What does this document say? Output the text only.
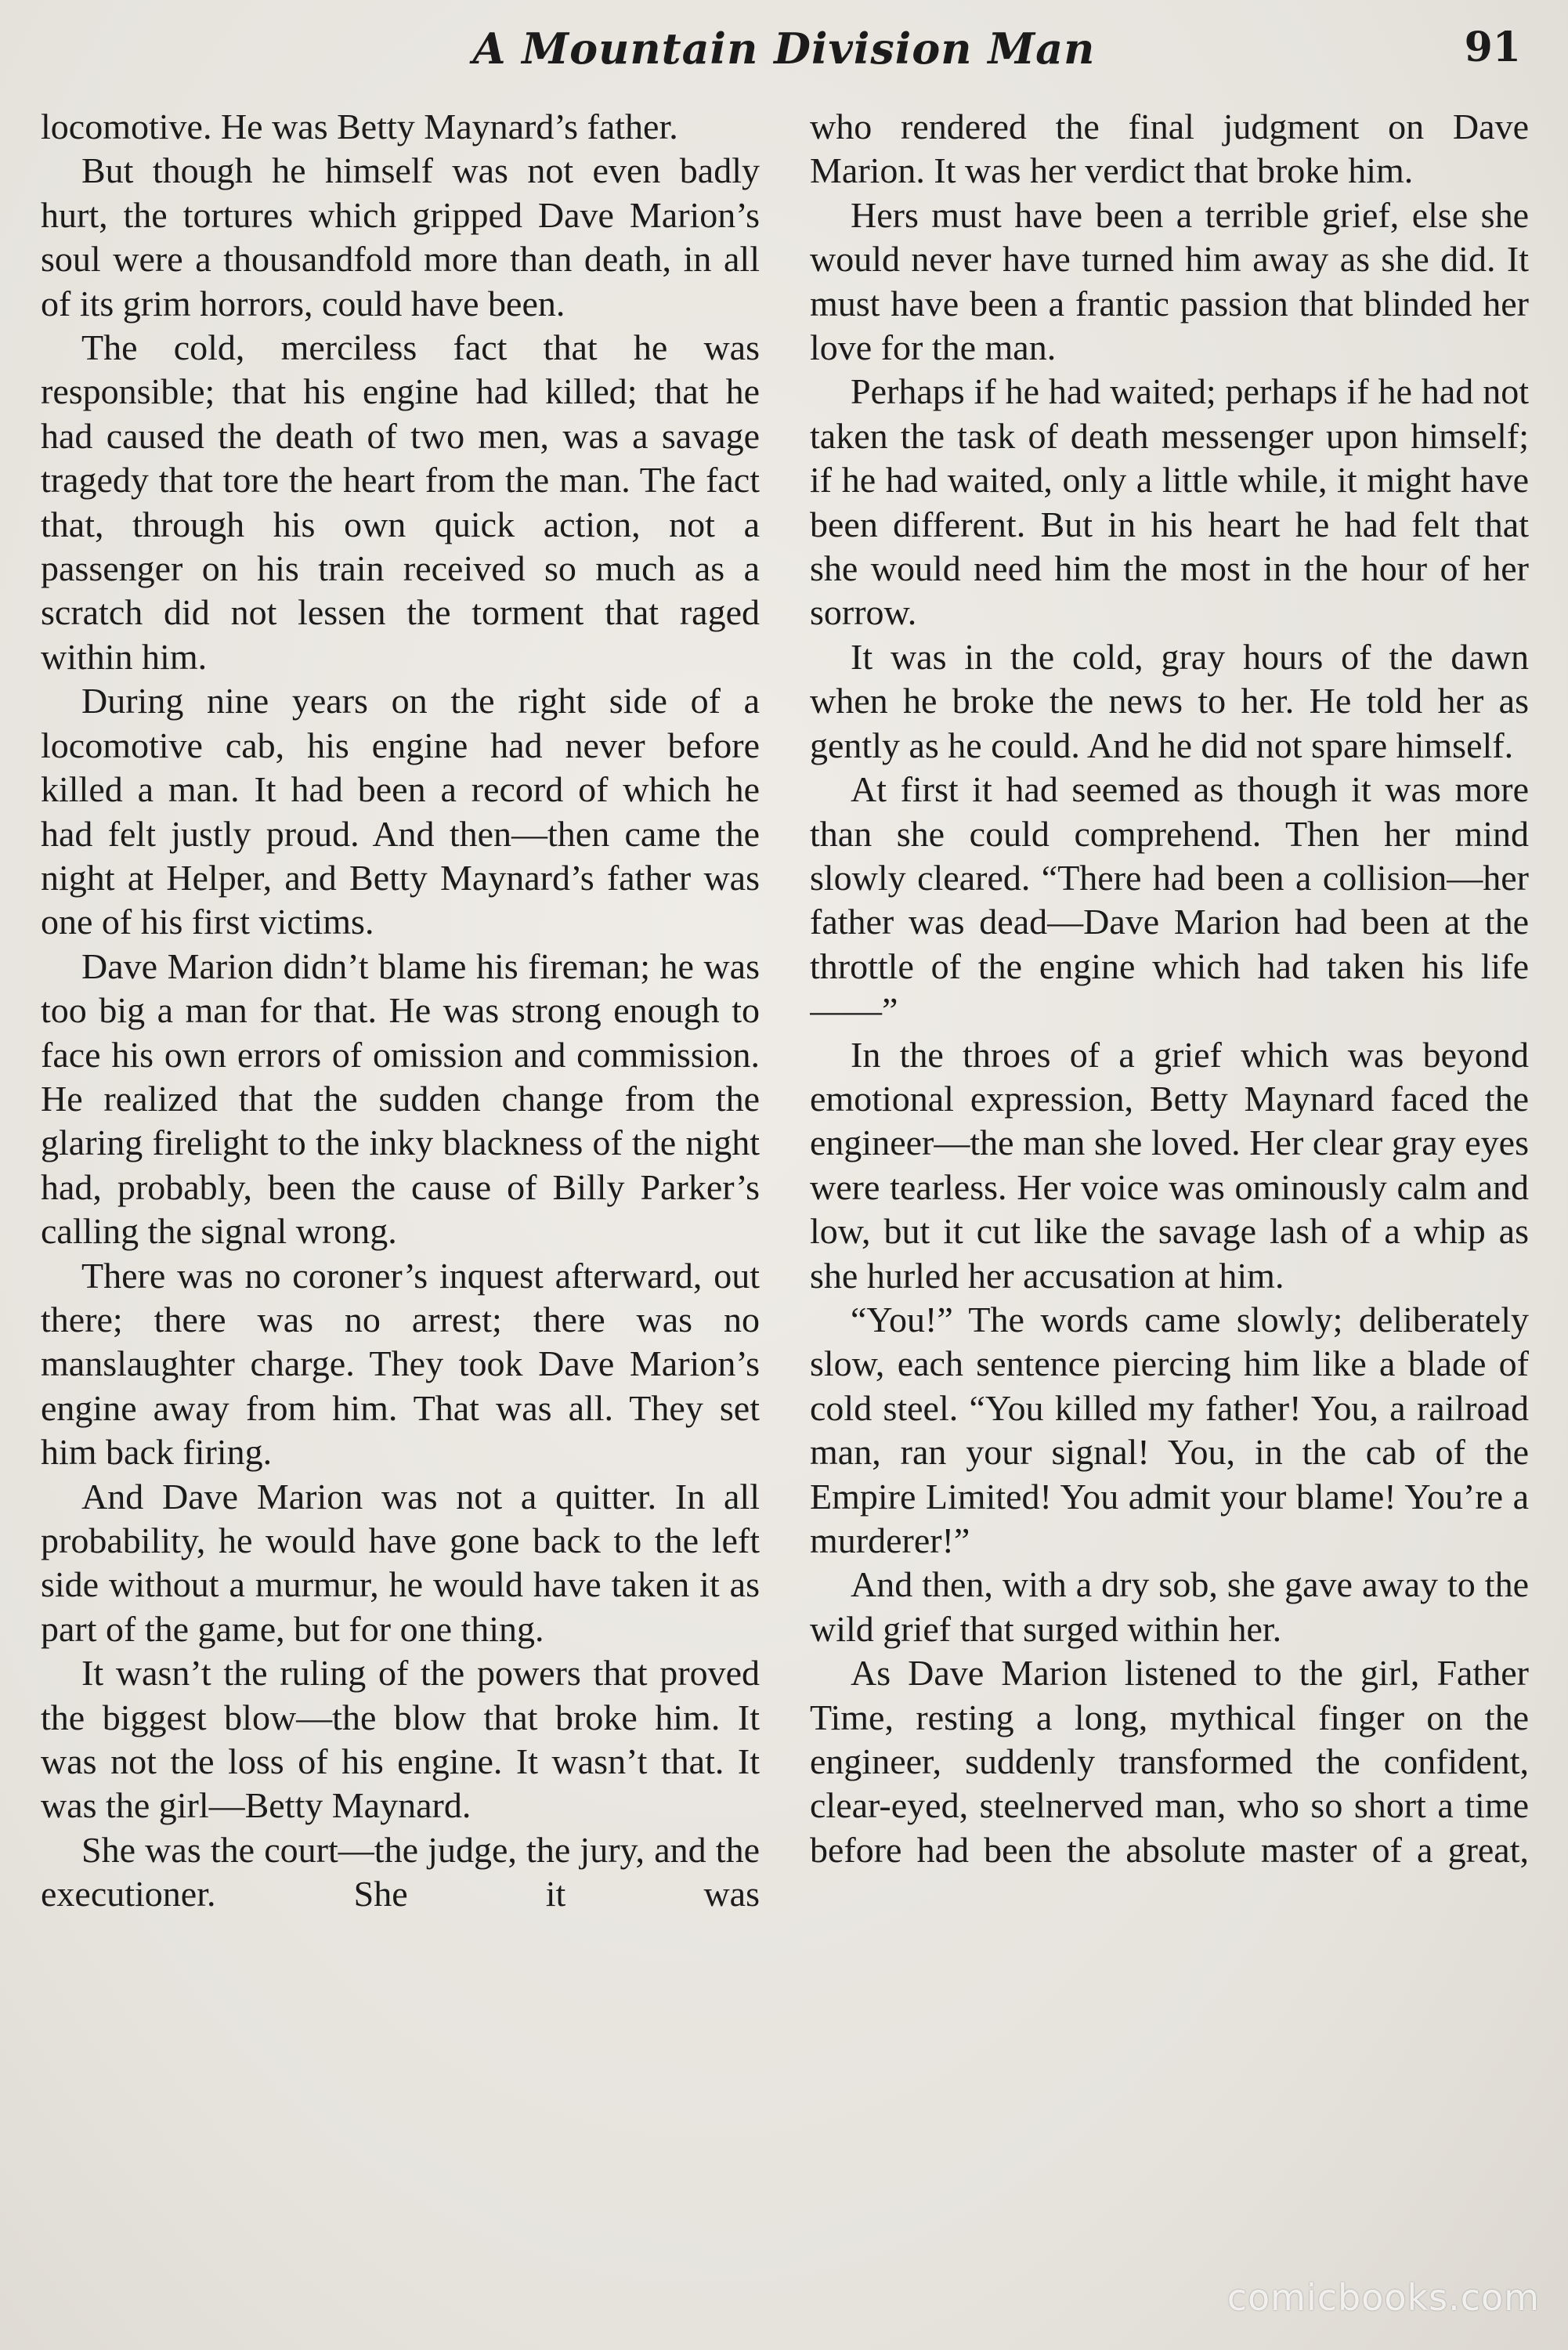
A Mountain Division Man	91

locomotive. He was Betty Maynard’s father.

But though he himself was not even badly hurt, the tortures which gripped Dave Marion’s soul were a thousandfold more than death, in all of its grim horrors, could have been.

The cold, merciless fact that he was responsible; that his engine had killed; that he had caused the death of two men, was a savage tragedy that tore the heart from the man. The fact that, through his own quick action, not a passenger on his train received so much as a scratch did not lessen the torment that raged within him.

During nine years on the right side of a locomotive cab, his engine had never before killed a man. It had been a record of which he had felt justly proud. And then—then came the night at Helper, and Betty Maynard’s father was one of his first victims.

Dave Marion didn’t blame his fireman; he was too big a man for that. He was strong enough to face his own errors of omission and commission. He realized that the sudden change from the glaring firelight to the inky blackness of the night had, probably, been the cause of Billy Parker’s calling the signal wrong.

There was no coroner’s inquest afterward, out there; there was no arrest; there was no manslaughter charge. They took Dave Marion’s engine away from him. That was all. They set him back firing.

And Dave Marion was not a quitter. In all probability, he would have gone back to the left side without a murmur, he would have taken it as part of the game, but for one thing.

It wasn’t the ruling of the powers that proved the biggest blow—the blow that broke him. It was not the loss of his engine. It wasn’t that. It was the girl—Betty Maynard.

She was the court—the judge, the jury, and the executioner. She it was

who rendered the final judgment on Dave Marion. It was her verdict that broke him.

Hers must have been a terrible grief, else she would never have turned him away as she did. It must have been a frantic passion that blinded her love for the man.

Perhaps if he had waited; perhaps if he had not taken the task of death messenger upon himself; if he had waited, only a little while, it might have been different. But in his heart he had felt that she would need him the most in the hour of her sorrow.

It was in the cold, gray hours of the dawn when he broke the news to her. He told her as gently as he could. And he did not spare himself.

At first it had seemed as though it was more than she could comprehend. Then her mind slowly cleared. “There had been a collision—her father was dead—Dave Marion had been at the throttle of the engine which had taken his life——”

In the throes of a grief which was beyond emotional expression, Betty Maynard faced the engineer—the man she loved. Her clear gray eyes were tearless. Her voice was ominously calm and low, but it cut like the savage lash of a whip as she hurled her accusation at him.

“You!” The words came slowly; deliberately slow, each sentence piercing him like a blade of cold steel. “You killed my father! You, a railroad man, ran your signal! You, in the cab of the Empire Limited! You admit your blame! You’re a murderer!”

And then, with a dry sob, she gave away to the wild grief that surged within her.

As Dave Marion listened to the girl, Father Time, resting a long, mythical finger on the engineer, suddenly transformed the confident, clear-eyed, steelnerved man, who so short a time before had been the absolute master of a great,

comicbooks.com
